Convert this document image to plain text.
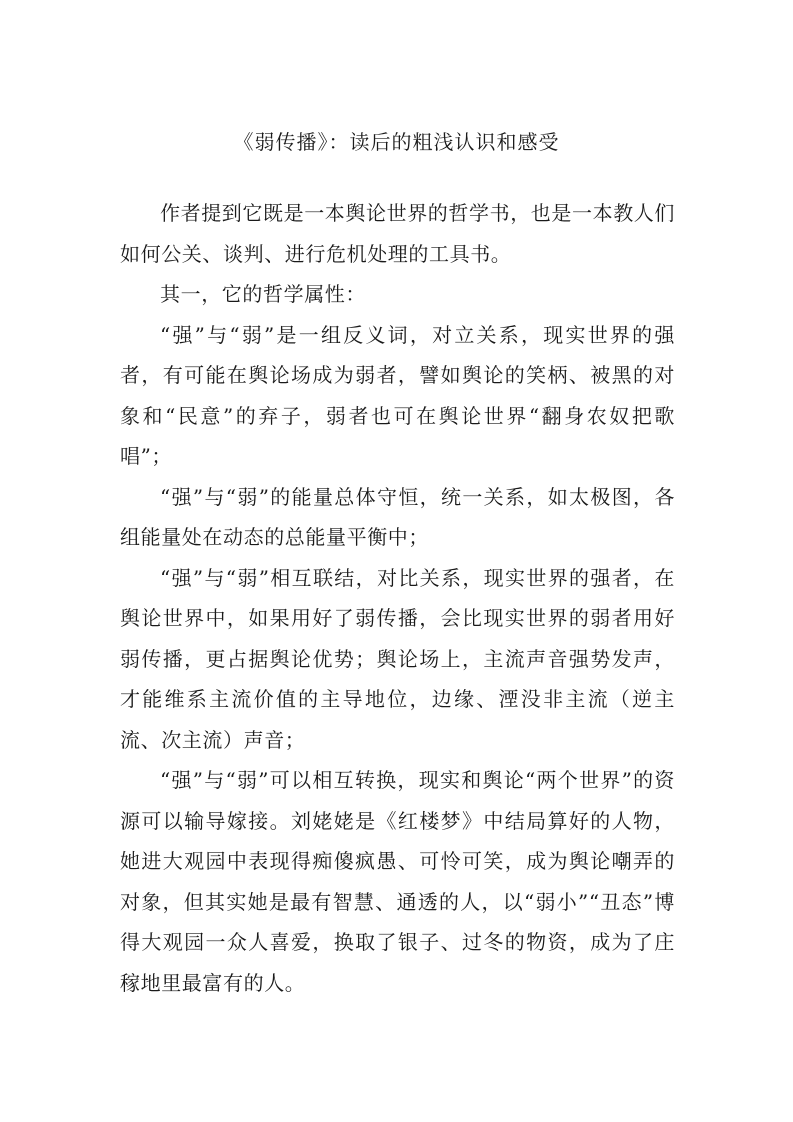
《弱传播》：读后的粗浅认识和感受

作者提到它既是一本舆论世界的哲学书，也是一本教人们如何公关、谈判、进行危机处理的工具书。

其一，它的哲学属性：

“强”与“弱”是一组反义词，对立关系，现实世界的强者，有可能在舆论场成为弱者，譬如舆论的笑柄、被黑的对象和“民意”的弃子，弱者也可在舆论世界“翻身农奴把歌唱”；

“强”与“弱”的能量总体守恒，统一关系，如太极图，各组能量处在动态的总能量平衡中；

“强”与“弱”相互联结，对比关系，现实世界的强者，在舆论世界中，如果用好了弱传播，会比现实世界的弱者用好弱传播，更占据舆论优势；舆论场上，主流声音强势发声，才能维系主流价值的主导地位，边缘、湮没非主流（逆主流、次主流）声音；

“强”与“弱”可以相互转换，现实和舆论“两个世界”的资源可以输导嫁接。刘姥姥是《红楼梦》中结局算好的人物，她进大观园中表现得痴傻疯愚、可怜可笑，成为舆论嘲弄的对象，但其实她是最有智慧、通透的人，以“弱小”“丑态”博得大观园一众人喜爱，换取了银子、过冬的物资，成为了庄稼地里最富有的人。
